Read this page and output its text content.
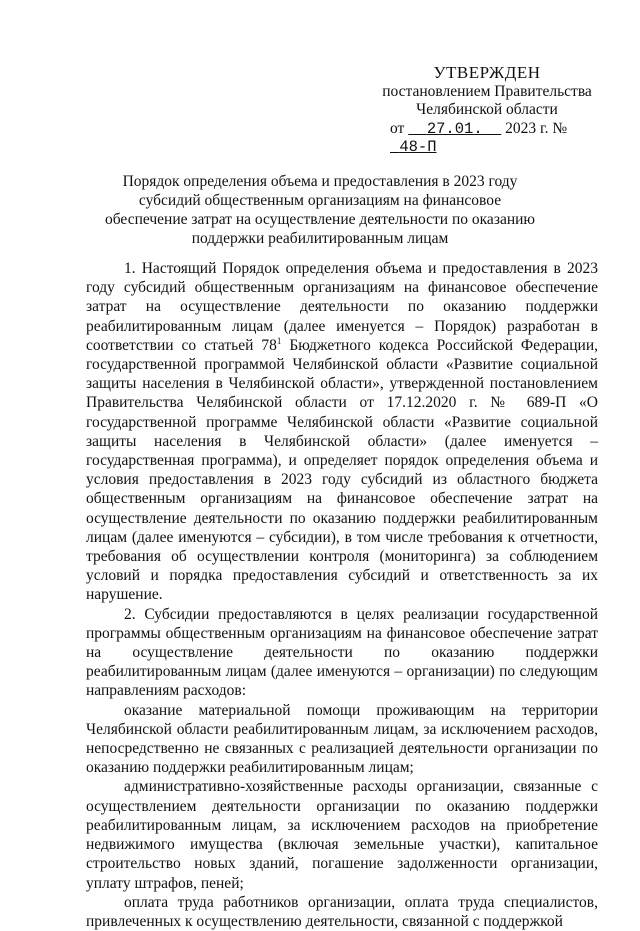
УТВЕРЖДЕН
постановлением Правительства
Челябинской области
от 27.01. 2023 г. №  48-П
Порядок определения объема и предоставления в 2023 году субсидий общественным организациям на финансовое обеспечение затрат на осуществление деятельности по оказанию поддержки реабилитированным лицам

1. Настоящий Порядок определения объема и предоставления в 2023 году субсидий общественным организациям на финансовое обеспечение затрат на осуществление деятельности по оказанию поддержки реабилитированным лицам (далее именуется – Порядок) разработан в соответствии со статьей $78^1$ Бюджетного кодекса Российской Федерации, государственной программой Челябинской области «Развитие социальной защиты населения в Челябинской области», утвержденной постановлением Правительства Челябинской области от 17.12.2020 г. № 689-П «О государственной программе Челябинской области «Развитие социальной защиты населения в Челябинской области» (далее именуется – государственная программа), и определяет порядок определения объема и условия предоставления в 2023 году субсидий из областного бюджета общественным организациям на финансовое обеспечение затрат на осуществление деятельности по оказанию поддержки реабилитированным лицам (далее именуются – субсидии), в том числе требования к отчетности, требования об осуществлении контроля (мониторинга) за соблюдением условий и порядка предоставления субсидий и ответственность за их нарушение.

2. Субсидии предоставляются в целях реализации государственной программы общественным организациям на финансовое обеспечение затрат на осуществление деятельности по оказанию поддержки реабилитированным лицам (далее именуются – организации) по следующим направлениям расходов:

оказание материальной помощи проживающим на территории Челябинской области реабилитированным лицам, за исключением расходов, непосредственно не связанных с реализацией деятельности организации по оказанию поддержки реабилитированным лицам;

административно-хозяйственные расходы организации, связанные с осуществлением деятельности организации по оказанию поддержки реабилитированным лицам, за исключением расходов на приобретение недвижимого имущества (включая земельные участки), капитальное строительство новых зданий, погашение задолженности организации, уплату штрафов, пеней;

оплата труда работников организации, оплата труда специалистов, привлеченных к осуществлению деятельности, связанной с поддержкой
